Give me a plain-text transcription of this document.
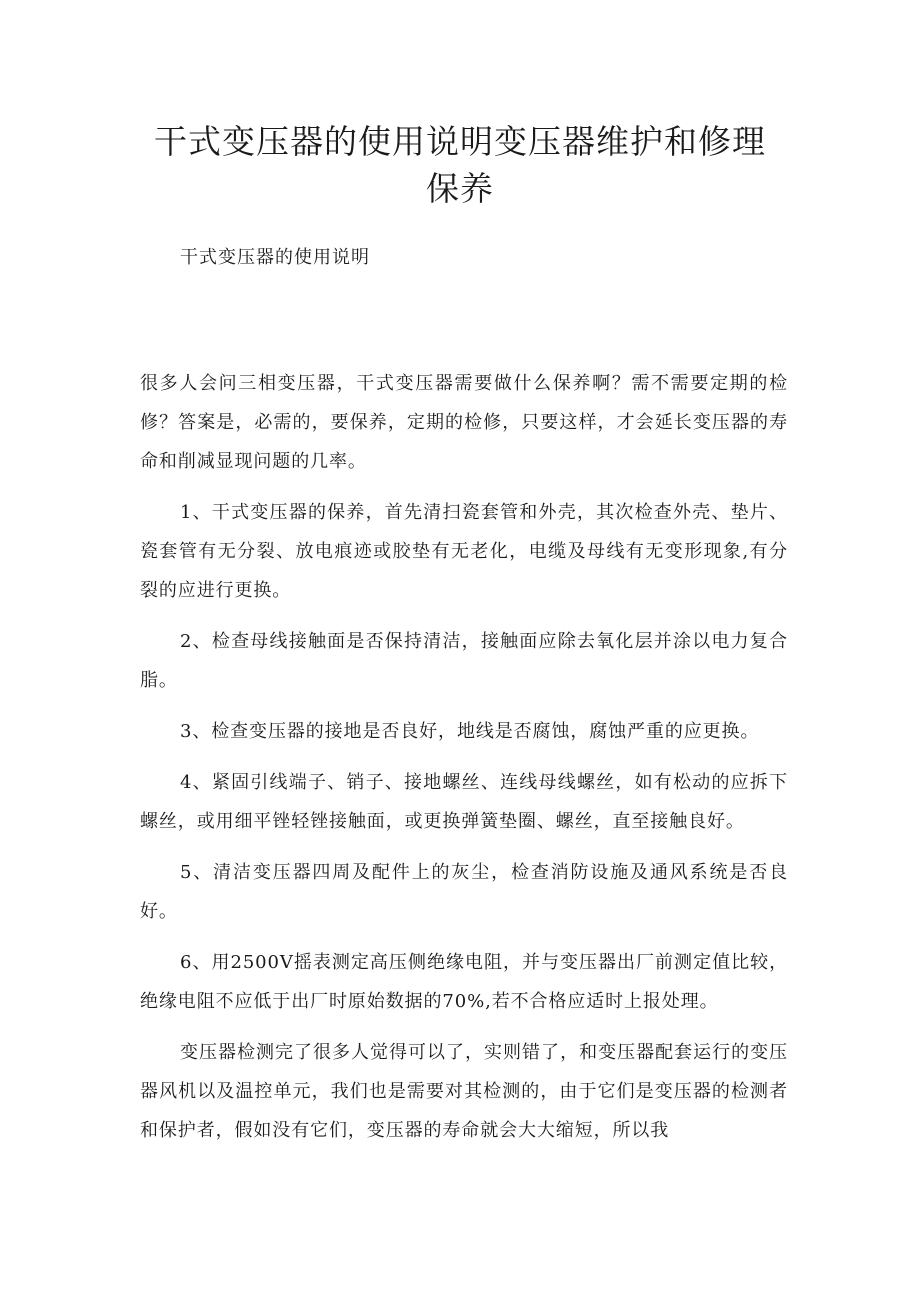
干式变压器的使用说明变压器维护和修理保养

干式变压器的使用说明

很多人会问三相变压器，干式变压器需要做什么保养啊？需不需要定期的检修？答案是，必需的，要保养，定期的检修，只要这样，才会延长变压器的寿命和削减显现问题的几率。

1、干式变压器的保养，首先清扫瓷套管和外壳，其次检查外壳、垫片、瓷套管有无分裂、放电痕迹或胶垫有无老化，电缆及母线有无变形现象,有分裂的应进行更换。

2、检查母线接触面是否保持清洁，接触面应除去氧化层并涂以电力复合脂。

3、检查变压器的接地是否良好，地线是否腐蚀，腐蚀严重的应更换。

4、紧固引线端子、销子、接地螺丝、连线母线螺丝，如有松动的应拆下螺丝，或用细平锉轻锉接触面，或更换弹簧垫圈、螺丝，直至接触良好。

5、清洁变压器四周及配件上的灰尘，检查消防设施及通风系统是否良好。

6、用2500V摇表测定高压侧绝缘电阻，并与变压器出厂前测定值比较，绝缘电阻不应低于出厂时原始数据的70%,若不合格应适时上报处理。

变压器检测完了很多人觉得可以了，实则错了，和变压器配套运行的变压器风机以及温控单元，我们也是需要对其检测的，由于它们是变压器的检测者和保护者，假如没有它们，变压器的寿命就会大大缩短，所以我
